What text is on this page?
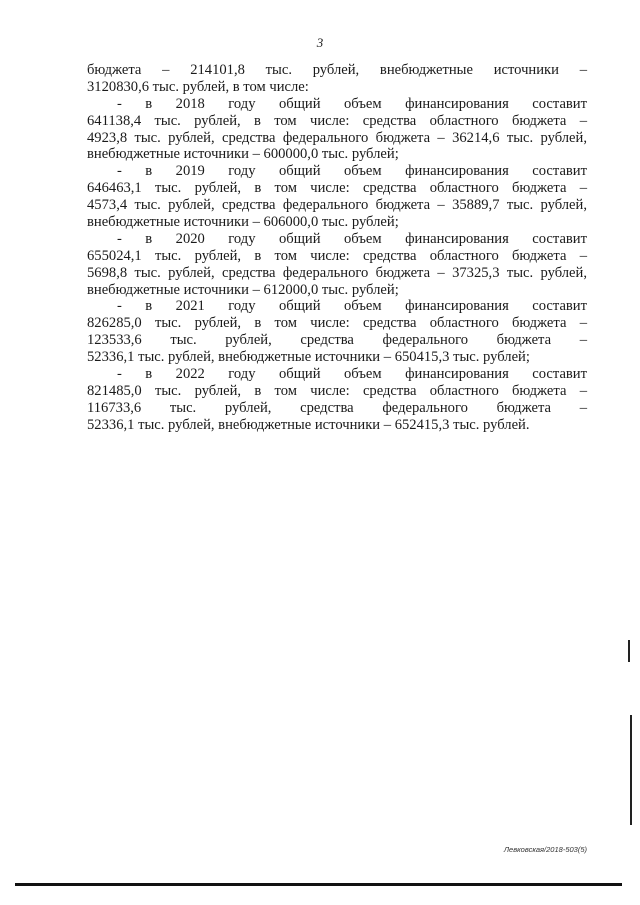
3
бюджета – 214101,8 тыс. рублей, внебюджетные источники –
3120830,6 тыс. рублей, в том числе:
- в 2018 году общий объем финансирования составит
641138,4 тыс. рублей, в том числе: средства областного бюджета –
4923,8 тыс. рублей, средства федерального бюджета – 36214,6 тыс. рублей,
внебюджетные источники – 600000,0 тыс. рублей;
- в 2019 году общий объем финансирования составит
646463,1 тыс. рублей, в том числе: средства областного бюджета –
4573,4 тыс. рублей, средства федерального бюджета – 35889,7 тыс. рублей,
внебюджетные источники – 606000,0 тыс. рублей;
- в 2020 году общий объем финансирования составит
655024,1 тыс. рублей, в том числе: средства областного бюджета –
5698,8 тыс. рублей, средства федерального бюджета – 37325,3 тыс. рублей,
внебюджетные источники – 612000,0 тыс. рублей;
- в 2021 году общий объем финансирования составит
826285,0 тыс. рублей, в том числе: средства областного бюджета –
123533,6 тыс. рублей, средства федерального бюджета –
52336,1 тыс. рублей, внебюджетные источники – 650415,3 тыс. рублей;
- в 2022 году общий объем финансирования составит
821485,0 тыс. рублей, в том числе: средства областного бюджета –
116733,6 тыс. рублей, средства федерального бюджета –
52336,1 тыс. рублей, внебюджетные источники – 652415,3 тыс. рублей.
Левковская/2018-503(5)
